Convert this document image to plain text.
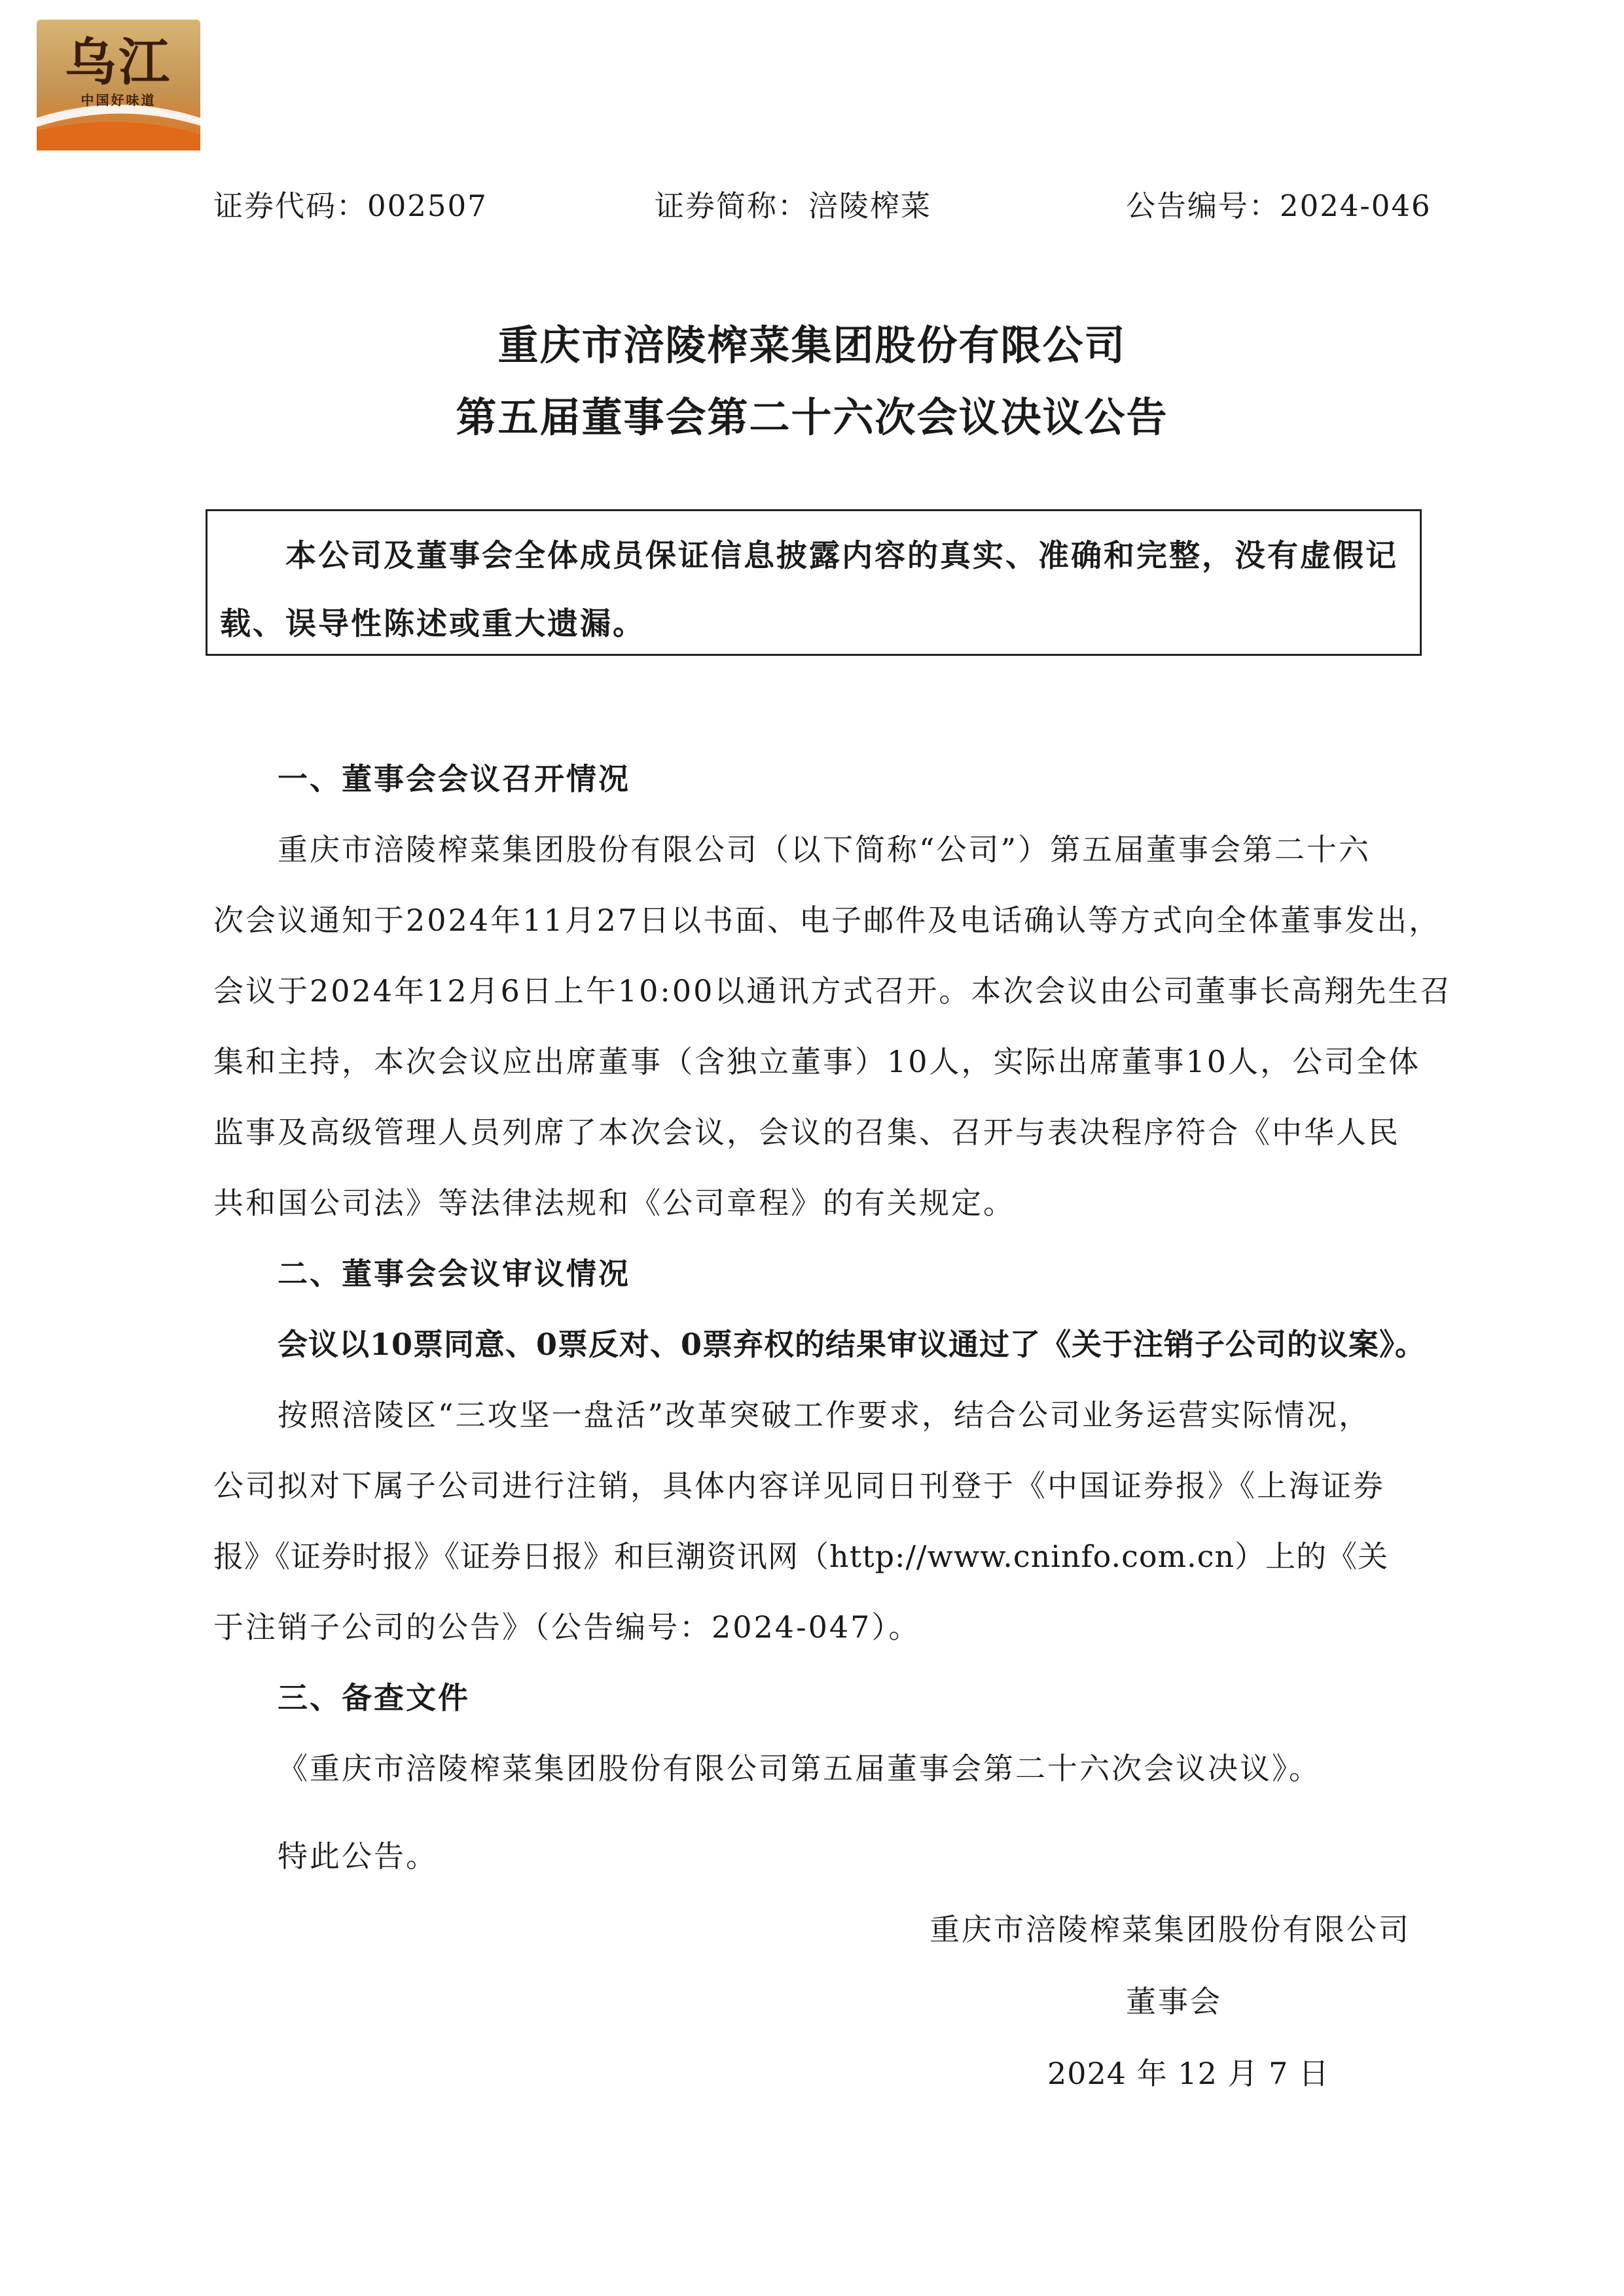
乌江
中国好味道
证券代码：002507	证券简称：涪陵榨菜	公告编号：2024-046
重庆市涪陵榨菜集团股份有限公司
第五届董事会第二十六次会议决议公告
本公司及董事会全体成员保证信息披露内容的真实、准确和完整，没有虚假记
载、误导性陈述或重大遗漏。
一、董事会会议召开情况
重庆市涪陵榨菜集团股份有限公司（以下简称“公司”）第五届董事会第二十六
次会议通知于2024年11月27日以书面、电子邮件及电话确认等方式向全体董事发出，
会议于2024年12月6日上午10:00以通讯方式召开。本次会议由公司董事长高翔先生召
集和主持，本次会议应出席董事（含独立董事）10人，实际出席董事10人，公司全体
监事及高级管理人员列席了本次会议，会议的召集、召开与表决程序符合《中华人民
共和国公司法》等法律法规和《公司章程》的有关规定。
二、董事会会议审议情况
会议以10票同意、0票反对、0票弃权的结果审议通过了《关于注销子公司的议案》。
按照涪陵区“三攻坚一盘活”改革突破工作要求，结合公司业务运营实际情况，
公司拟对下属子公司进行注销，具体内容详见同日刊登于《中国证券报》《上海证券
报》《证券时报》《证券日报》和巨潮资讯网（http://www.cninfo.com.cn）上的《关
于注销子公司的公告》（公告编号：2024-047）。
三、备查文件
《重庆市涪陵榨菜集团股份有限公司第五届董事会第二十六次会议决议》。
特此公告。
重庆市涪陵榨菜集团股份有限公司
董事会
2024 年 12 月 7 日
